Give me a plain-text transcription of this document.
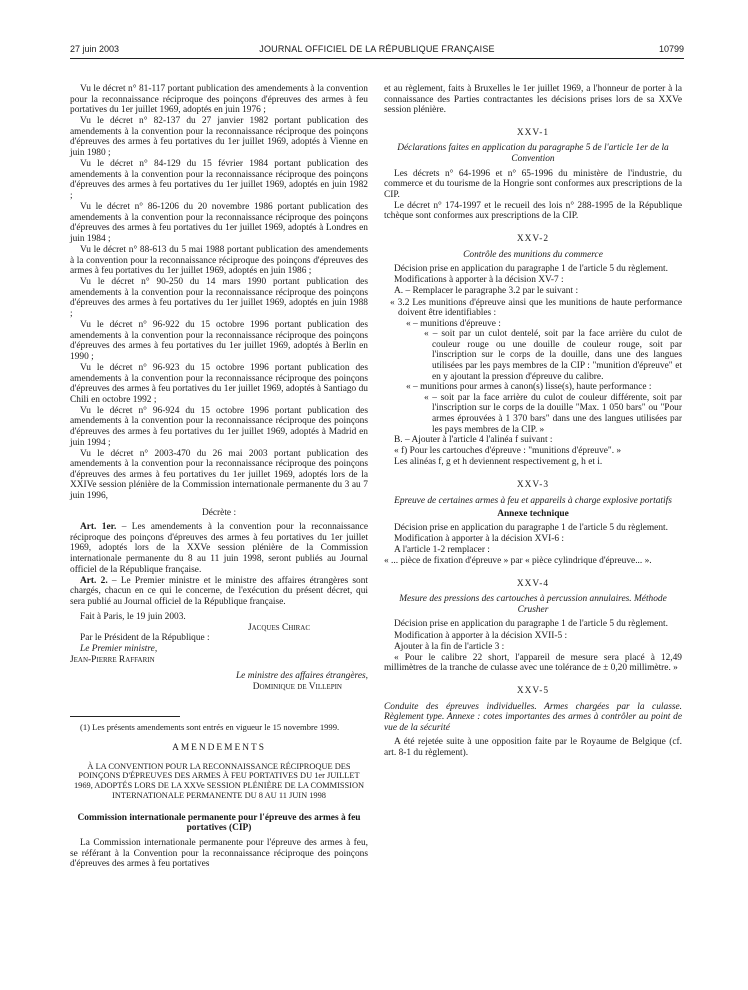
27 juin 2003	JOURNAL OFFICIEL DE LA RÉPUBLIQUE FRANÇAISE	10799

Vu le décret n° 81-117 portant publication des amendements à la convention pour la reconnaissance réciproque des poinçons d'épreuves des armes à feu portatives du 1er juillet 1969, adoptés en juin 1976 ;

Vu le décret n° 82-137 du 27 janvier 1982 portant publication des amendements à la convention pour la reconnaissance réciproque des poinçons d'épreuves des armes à feu portatives du 1er juillet 1969, adoptés à Vienne en juin 1980 ;

Vu le décret n° 84-129 du 15 février 1984 portant publication des amendements à la convention pour la reconnaissance réciproque des poinçons d'épreuves des armes à feu portatives du 1er juillet 1969, adoptés en juin 1982 ;

Vu le décret n° 86-1206 du 20 novembre 1986 portant publication des amendements à la convention pour la reconnaissance réciproque des poinçons d'épreuves des armes à feu portatives du 1er juillet 1969, adoptés à Londres en juin 1984 ;

Vu le décret n° 88-613 du 5 mai 1988 portant publication des amendements à la convention pour la reconnaissance réciproque des poinçons d'épreuves des armes à feu portatives du 1er juillet 1969, adoptés en juin 1986 ;

Vu le décret n° 90-250 du 14 mars 1990 portant publication des amendements à la convention pour la reconnaissance réciproque des poinçons d'épreuves des armes à feu portatives du 1er juillet 1969, adoptés en juin 1988 ;

Vu le décret n° 96-922 du 15 octobre 1996 portant publication des amendements à la convention pour la reconnaissance réciproque des poinçons d'épreuves des armes à feu portatives du 1er juillet 1969, adoptés à Berlin en 1990 ;

Vu le décret n° 96-923 du 15 octobre 1996 portant publication des amendements à la convention pour la reconnaissance réciproque des poinçons d'épreuves des armes à feu portatives du 1er juillet 1969, adoptés à Santiago du Chili en octobre 1992 ;

Vu le décret n° 96-924 du 15 octobre 1996 portant publication des amendements à la convention pour la reconnaissance réciproque des poinçons d'épreuves des armes à feu portatives du 1er juillet 1969, adoptés à Madrid en juin 1994 ;

Vu le décret n° 2003-470 du 26 mai 2003 portant publication des amendements à la convention pour la reconnaissance réciproque des poinçons d'épreuves des armes à feu portatives du 1er juillet 1969, adoptés lors de la XXIVe session plénière de la Commission internationale permanente du 3 au 7 juin 1996,

Décrète :

Art. 1er. – Les amendements à la convention pour la reconnaissance réciproque des poinçons d'épreuves des armes à feu portatives du 1er juillet 1969, adoptés lors de la XXVe session plénière de la Commission internationale permanente du 8 au 11 juin 1998, seront publiés au Journal officiel de la République française.

Art. 2. – Le Premier ministre et le ministre des affaires étrangères sont chargés, chacun en ce qui le concerne, de l'exécution du présent décret, qui sera publié au Journal officiel de la République française.

Fait à Paris, le 19 juin 2003.

Jacques Chirac

Par le Président de la République :

Le Premier ministre,

Jean-Pierre Raffarin

Le ministre des affaires étrangères,

Dominique de Villepin

(1) Les présents amendements sont entrés en vigueur le 15 novembre 1999.

AMENDEMENTS

À LA CONVENTION POUR LA RECONNAISSANCE RÉCIPROQUE DES POINÇONS D'ÉPREUVES DES ARMES À FEU PORTATIVES DU 1er JUILLET 1969, ADOPTÉS LORS DE LA XXVe SESSION PLÉNIÈRE DE LA COMMISSION INTERNATIONALE PERMANENTE DU 8 AU 11 JUIN 1998

Commission internationale permanente pour l'épreuve des armes à feu portatives (CIP)

La Commission internationale permanente pour l'épreuve des armes à feu, se référant à la Convention pour la reconnaissance réciproque des poinçons d'épreuves des armes à feu portatives

et au règlement, faits à Bruxelles le 1er juillet 1969, a l'honneur de porter à la connaissance des Parties contractantes les décisions prises lors de sa XXVe session plénière.

XXV-1

Déclarations faites en application du paragraphe 5 de l'article 1er de la Convention

Les décrets n° 64-1996 et n° 65-1996 du ministère de l'industrie, du commerce et du tourisme de la Hongrie sont conformes aux prescriptions de la CIP.

Le décret n° 174-1997 et le recueil des lois n° 288-1995 de la République tchèque sont conformes aux prescriptions de la CIP.

XXV-2

Contrôle des munitions du commerce

Décision prise en application du paragraphe 1 de l'article 5 du règlement.

Modifications à apporter à la décision XV-7 :

A. – Remplacer le paragraphe 3.2 par le suivant :

« 3.2 Les munitions d'épreuve ainsi que les munitions de haute performance doivent être identifiables :

« – munitions d'épreuve :

« – soit par un culot dentelé, soit par la face arrière du culot de couleur rouge ou une douille de couleur rouge, soit par l'inscription sur le corps de la douille, dans une des langues utilisées par les pays membres de la CIP : "munition d'épreuve" et en y ajoutant la pression d'épreuve du calibre.

« – munitions pour armes à canon(s) lisse(s), haute performance :

« – soit par la face arrière du culot de couleur différente, soit par l'inscription sur le corps de la douille "Max. 1 050 bars" ou "Pour armes éprouvées à 1 370 bars" dans une des langues utilisées par les pays membres de la CIP. »

B. – Ajouter à l'article 4 l'alinéa f suivant :

« f) Pour les cartouches d'épreuve : "munitions d'épreuve". »

Les alinéas f, g et h deviennent respectivement g, h et i.

XXV-3

Epreuve de certaines armes à feu et appareils à charge explosive portatifs

Annexe technique

Décision prise en application du paragraphe 1 de l'article 5 du règlement.

Modification à apporter à la décision XVI-6 :

A l'article 1-2 remplacer :

« ... pièce de fixation d'épreuve » par « pièce cylindrique d'épreuve... ».

XXV-4

Mesure des pressions des cartouches à percussion annulaires. Méthode Crusher

Décision prise en application du paragraphe 1 de l'article 5 du règlement.

Modification à apporter à la décision XVII-5 :

Ajouter à la fin de l'article 3 :

« Pour le calibre 22 short, l'appareil de mesure sera placé à 12,49 millimètres de la tranche de culasse avec une tolérance de ± 0,20 millimètre. »

XXV-5

Conduite des épreuves individuelles. Armes chargées par la culasse. Règlement type. Annexe : cotes importantes des armes à contrôler au point de vue de la sécurité

A été rejetée suite à une opposition faite par le Royaume de Belgique (cf. art. 8-1 du règlement).
